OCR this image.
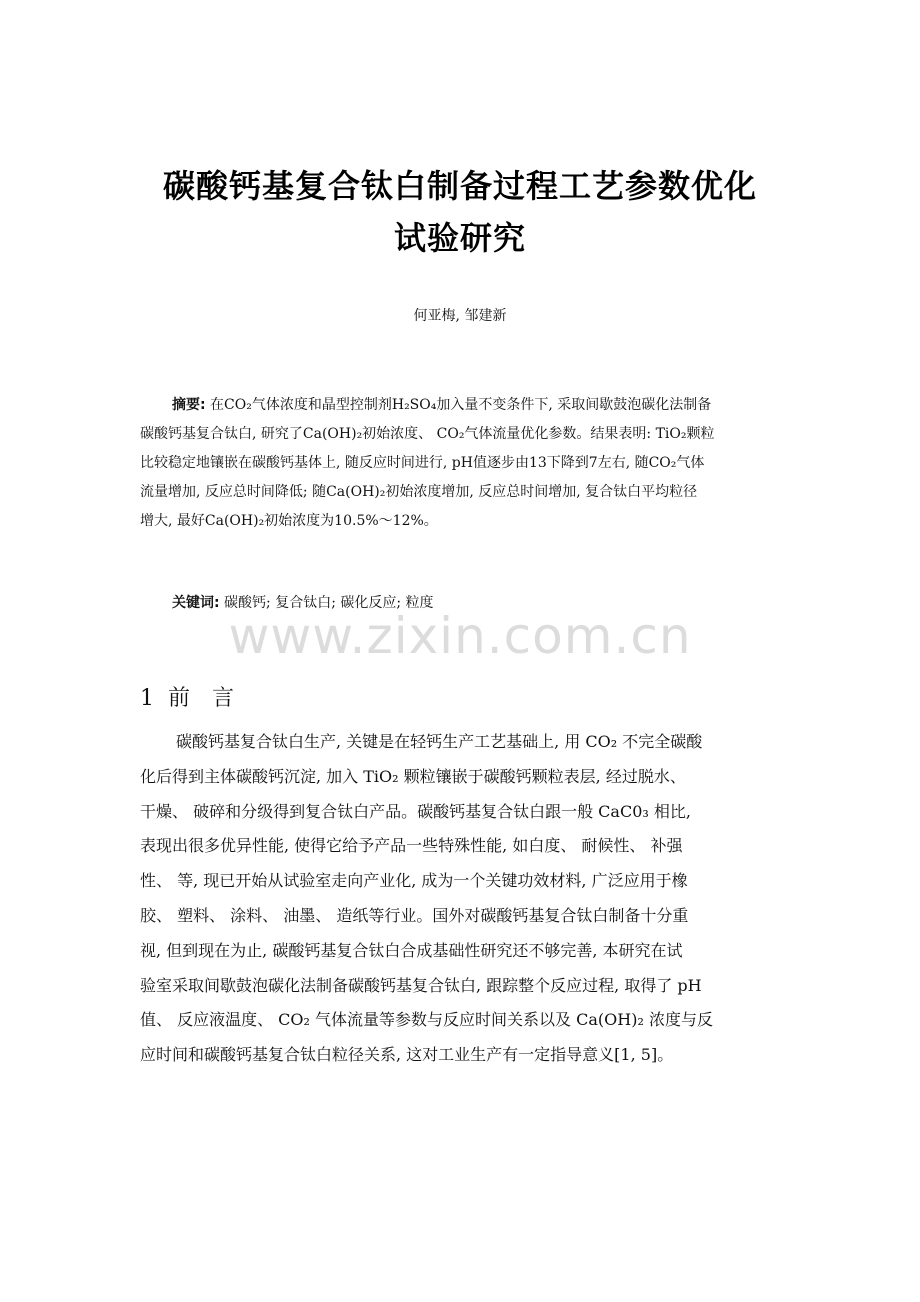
碳酸钙基复合钛白制备过程工艺参数优化
试验研究
何亚梅, 邹建新
摘要: 在CO₂气体浓度和晶型控制剂H₂SO₄加入量不变条件下, 采取间歇鼓泡碳化法制备
碳酸钙基复合钛白, 研究了Ca(OH)₂初始浓度、 CO₂气体流量优化参数。结果表明: TiO₂颗粒
比较稳定地镶嵌在碳酸钙基体上, 随反应时间进行, pH值逐步由13下降到7左右, 随CO₂气体
流量增加, 反应总时间降低; 随Ca(OH)₂初始浓度增加, 反应总时间增加, 复合钛白平均粒径
增大, 最好Ca(OH)₂初始浓度为10.5%～12%。
关键词: 碳酸钙; 复合钛白; 碳化反应; 粒度
www.zixin.com.cn
1 前　言
碳酸钙基复合钛白生产, 关键是在轻钙生产工艺基础上, 用 CO₂ 不完全碳酸
化后得到主体碳酸钙沉淀, 加入 TiO₂ 颗粒镶嵌于碳酸钙颗粒表层, 经过脱水、
干燥、 破碎和分级得到复合钛白产品。碳酸钙基复合钛白跟一般 CaC0₃ 相比,
表现出很多优异性能, 使得它给予产品一些特殊性能, 如白度、 耐候性、 补强
性、 等, 现已开始从试验室走向产业化, 成为一个关键功效材料, 广泛应用于橡
胶、 塑料、 涂料、 油墨、 造纸等行业。国外对碳酸钙基复合钛白制备十分重
视, 但到现在为止, 碳酸钙基复合钛白合成基础性研究还不够完善, 本研究在试
验室采取间歇鼓泡碳化法制备碳酸钙基复合钛白, 跟踪整个反应过程, 取得了 pH
值、 反应液温度、 CO₂ 气体流量等参数与反应时间关系以及 Ca(OH)₂ 浓度与反
应时间和碳酸钙基复合钛白粒径关系, 这对工业生产有一定指导意义[1, 5]。
